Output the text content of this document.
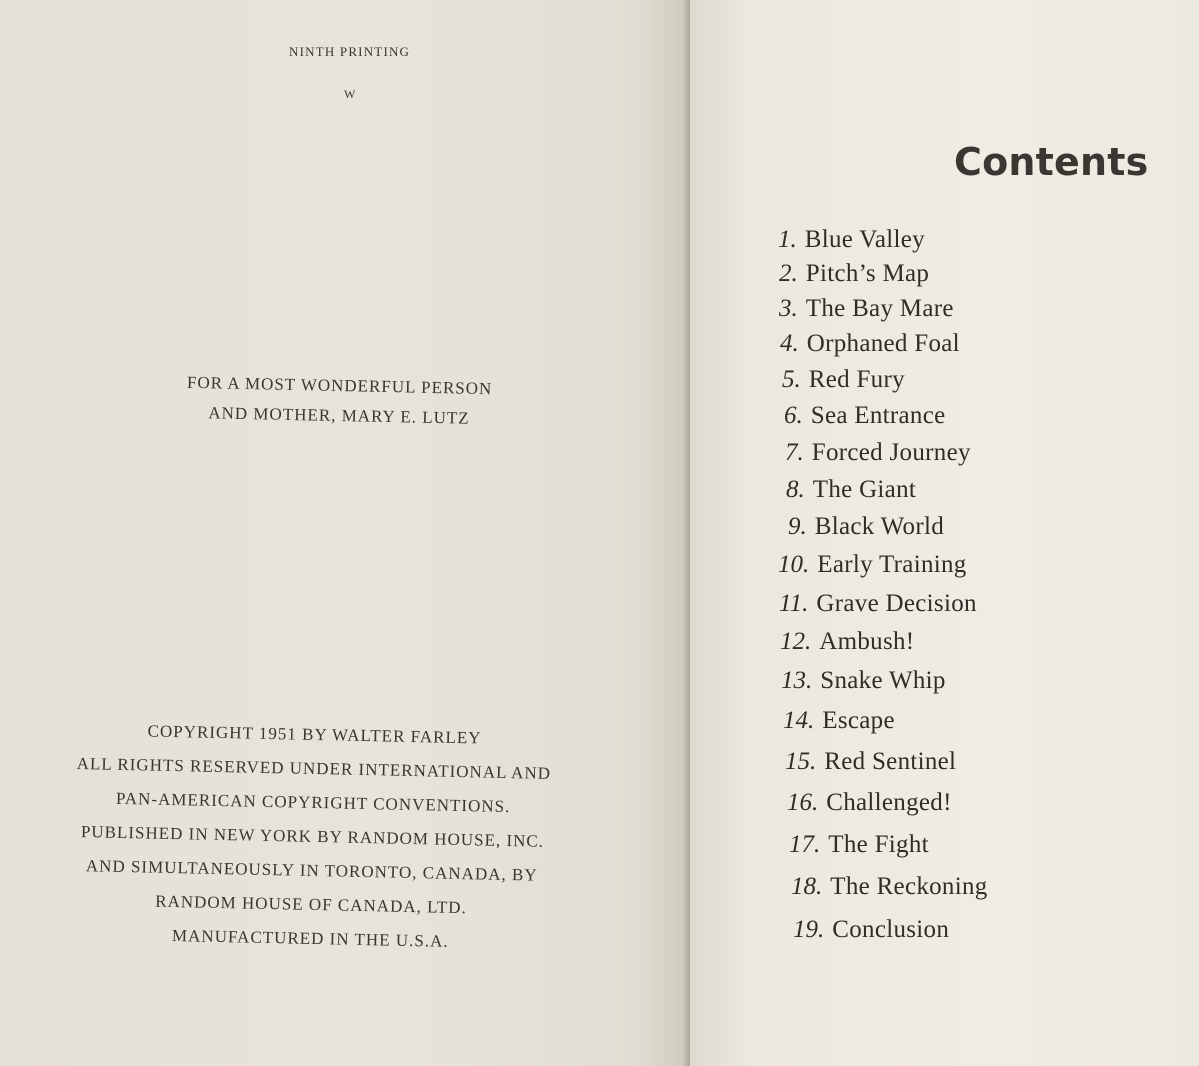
NINTH PRINTING
W
FOR A MOST WONDERFUL PERSON
AND MOTHER, MARY E. LUTZ
COPYRIGHT 1951 BY WALTER FARLEY
ALL RIGHTS RESERVED UNDER INTERNATIONAL AND
PAN-AMERICAN COPYRIGHT CONVENTIONS.
PUBLISHED IN NEW YORK BY RANDOM HOUSE, INC.
AND SIMULTANEOUSLY IN TORONTO, CANADA, BY
RANDOM HOUSE OF CANADA, LTD.
MANUFACTURED IN THE U.S.A.
Contents
1. Blue Valley
2. Pitch’s Map
3. The Bay Mare
4. Orphaned Foal
5. Red Fury
6. Sea Entrance
7. Forced Journey
8. The Giant
9. Black World
10. Early Training
11. Grave Decision
12. Ambush!
13. Snake Whip
14. Escape
15. Red Sentinel
16. Challenged!
17. The Fight
18. The Reckoning
19. Conclusion
